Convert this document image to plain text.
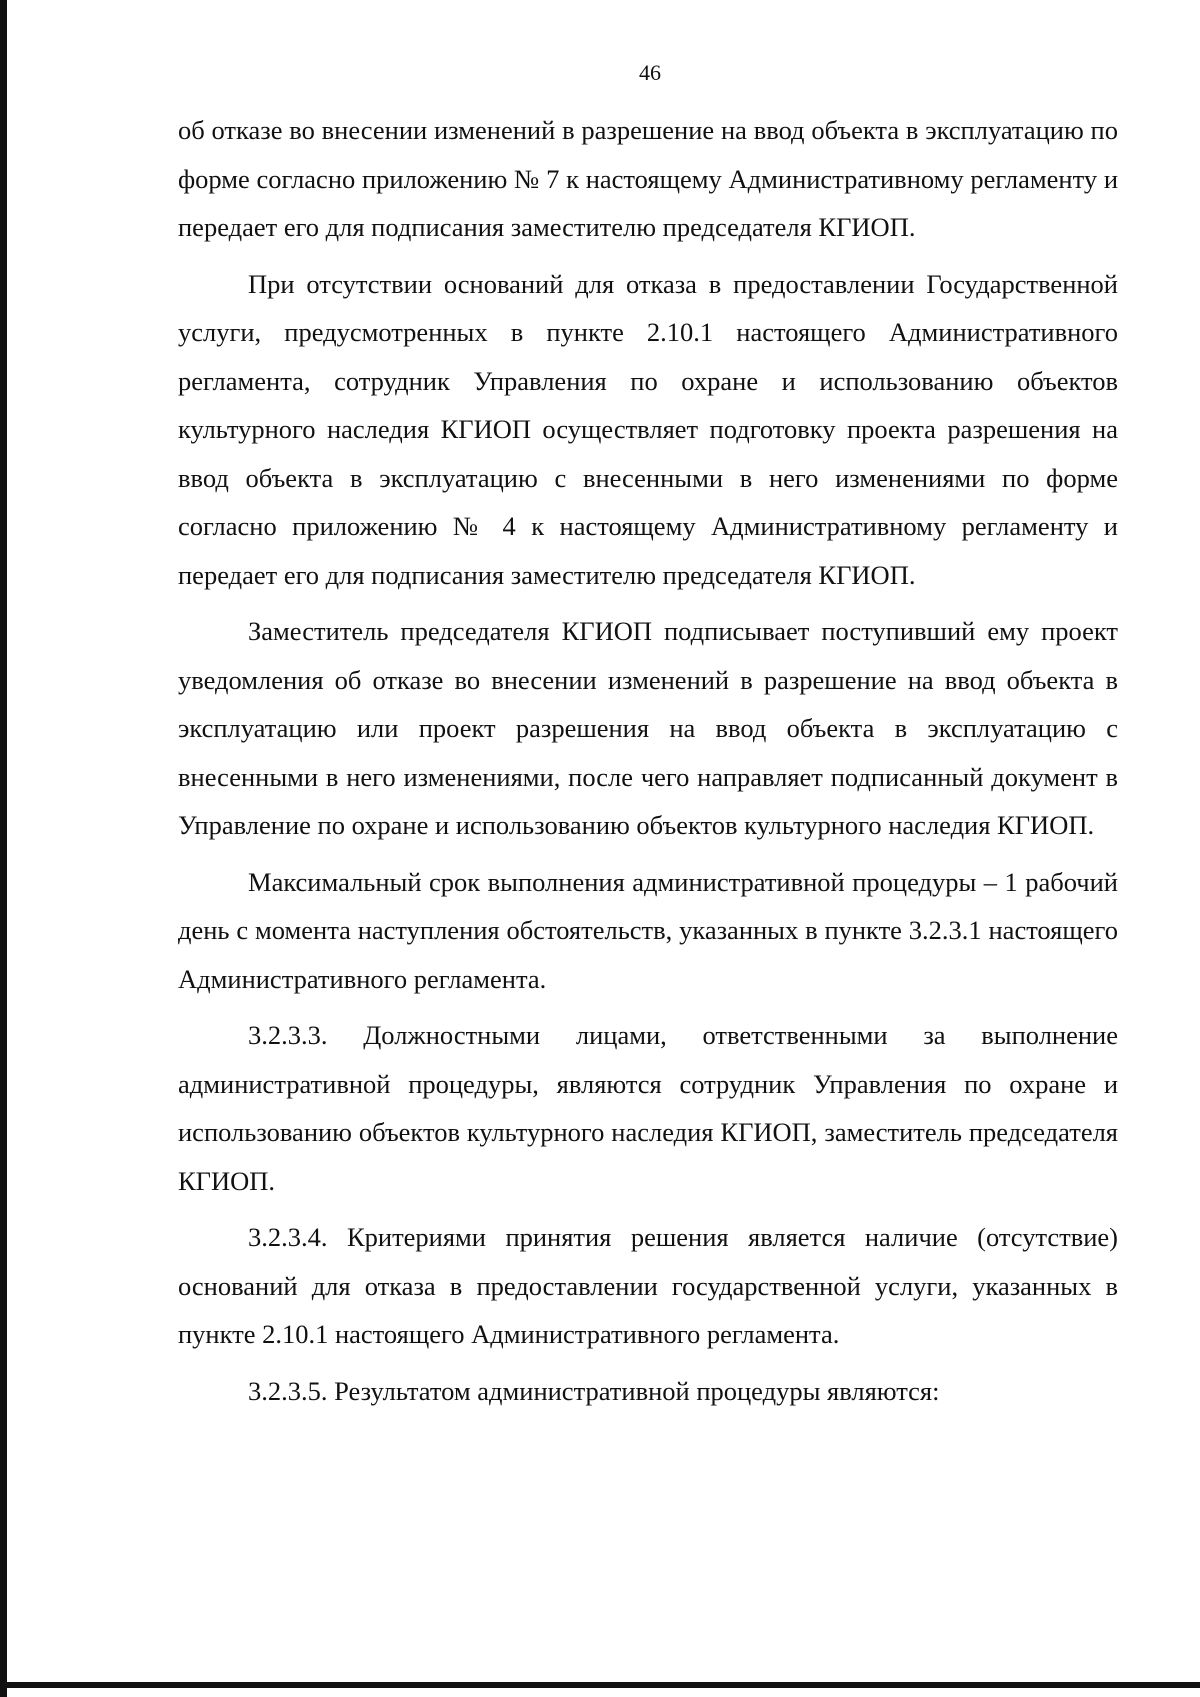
46

об отказе во внесении изменений в разрешение на ввод объекта в эксплуатацию по форме согласно приложению № 7 к настоящему Административному регламенту и передает его для подписания заместителю председателя КГИОП.

При отсутствии оснований для отказа в предоставлении Государственной услуги, предусмотренных в пункте 2.10.1 настоящего Административного регламента, сотрудник Управления по охране и использованию объектов культурного наследия КГИОП осуществляет подготовку проекта разрешения на ввод объекта в эксплуатацию с внесенными в него изменениями по форме согласно приложению № 4 к настоящему Административному регламенту и передает его для подписания заместителю председателя КГИОП.

Заместитель председателя КГИОП подписывает поступивший ему проект уведомления об отказе во внесении изменений в разрешение на ввод объекта в эксплуатацию или проект разрешения на ввод объекта в эксплуатацию с внесенными в него изменениями, после чего направляет подписанный документ в Управление по охране и использованию объектов культурного наследия КГИОП.

Максимальный срок выполнения административной процедуры – 1 рабочий день с момента наступления обстоятельств, указанных в пункте 3.2.3.1 настоящего Административного регламента.

3.2.3.3. Должностными лицами, ответственными за выполнение административной процедуры, являются сотрудник Управления по охране и использованию объектов культурного наследия КГИОП, заместитель председателя КГИОП.

3.2.3.4. Критериями принятия решения является наличие (отсутствие) оснований для отказа в предоставлении государственной услуги, указанных в пункте 2.10.1 настоящего Административного регламента.

3.2.3.5. Результатом административной процедуры являются:
